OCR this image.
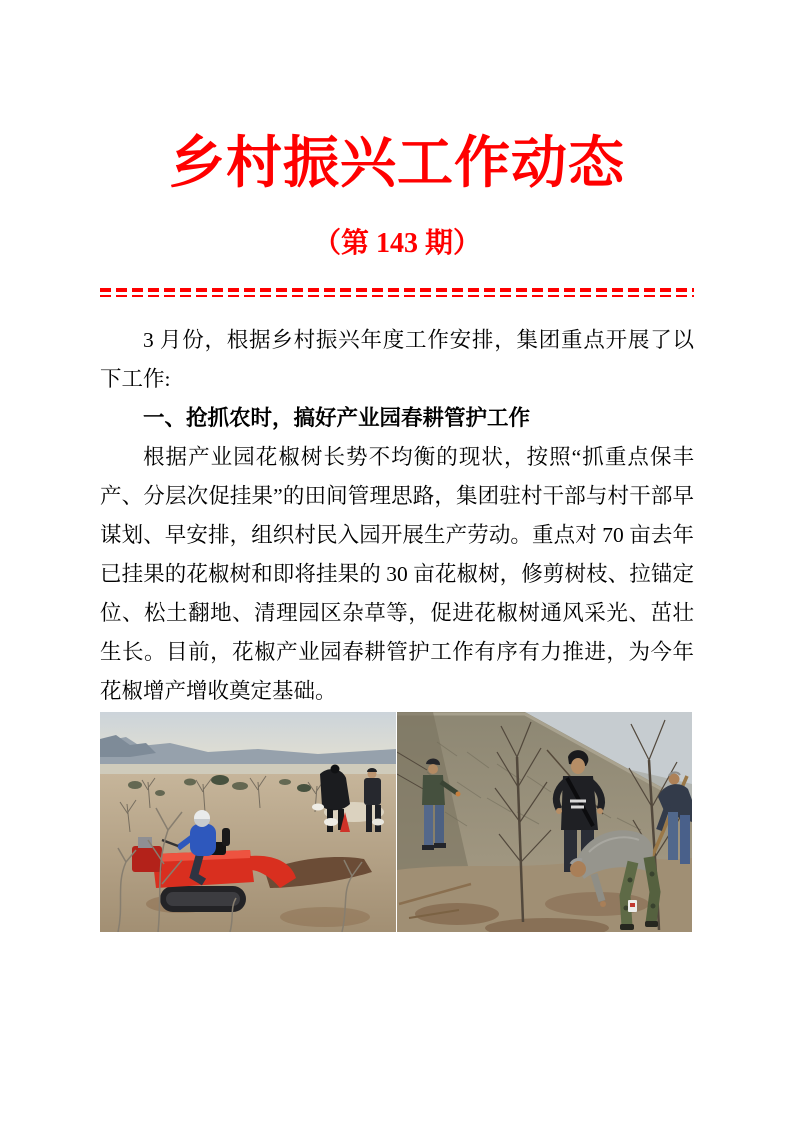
乡村振兴工作动态
（第 143 期）

3 月份，根据乡村振兴年度工作安排，集团重点开展了以下工作:

一、抢抓农时，搞好产业园春耕管护工作

根据产业园花椒树长势不均衡的现状，按照“抓重点保丰产、分层次促挂果”的田间管理思路，集团驻村干部与村干部早谋划、早安排，组织村民入园开展生产劳动。重点对 70 亩去年已挂果的花椒树和即将挂果的 30 亩花椒树，修剪树枝、拉锚定位、松土翻地、清理园区杂草等，促进花椒树通风采光、茁壮生长。目前，花椒产业园春耕管护工作有序有力推进，为今年花椒增产增收奠定基础。
